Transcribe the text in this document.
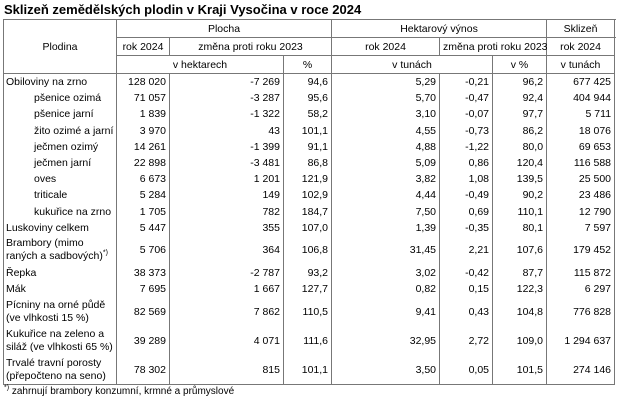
Sklizeň zemědělských plodin v Kraji Vysočina v roce 2024
Plodina	Plocha			Hektarový výnos			Sklizeň	
	rok 2024	změna proti roku 2023		rok 2024	změna proti roku 2023		rok 2024	
	v hektarech		%	v tunách		v %	v tunách	
Obiloviny na zrno	128 020	-7 269	94,6	5,29	-0,21	96,2	677 425		
pšenice ozimá	71 057	-3 287	95,6	5,70	-0,47	92,4	404 944		
pšenice jarní	1 839	-1 322	58,2	3,10	-0,07	97,7	5 711		
žito ozimé a jarní	3 970	43	101,1	4,55	-0,73	86,2	18 076		
ječmen ozimý	14 261	-1 399	91,1	4,88	-1,22	80,0	69 653		
ječmen jarní	22 898	-3 481	86,8	5,09	0,86	120,4	116 588		
oves	6 673	1 201	121,9	3,82	1,08	139,5	25 500		
triticale	5 284	149	102,9	4,44	-0,49	90,2	23 486		
kukuřice na zrno	1 705	782	184,7	7,50	0,69	110,1	12 790		
Luskoviny celkem	5 447	355	107,0	1,39	-0,35	80,1	7 597		
Brambory (mimo raných a sadbových)*)	5 706	364	106,8	31,45	2,21	107,6	179 452		
Řepka	38 373	-2 787	93,2	3,02	-0,42	87,7	115 872		
Mák	7 695	1 667	127,7	0,82	0,15	122,3	6 297		
Pícniny na orné půdě (ve vlhkosti 15 %)	82 569	7 862	110,5	9,41	0,43	104,8	776 828		
Kukuřice na zeleno a siláž (ve vlhkosti 65 %)	39 289	4 071	111,6	32,95	2,72	109,0	1 294 637		
Trvalé travní porosty (přepočteno na seno)	78 302	815	101,1	3,50	0,05	101,5	274 146		
*) zahrnují brambory konzumní, krmné a průmyslové
